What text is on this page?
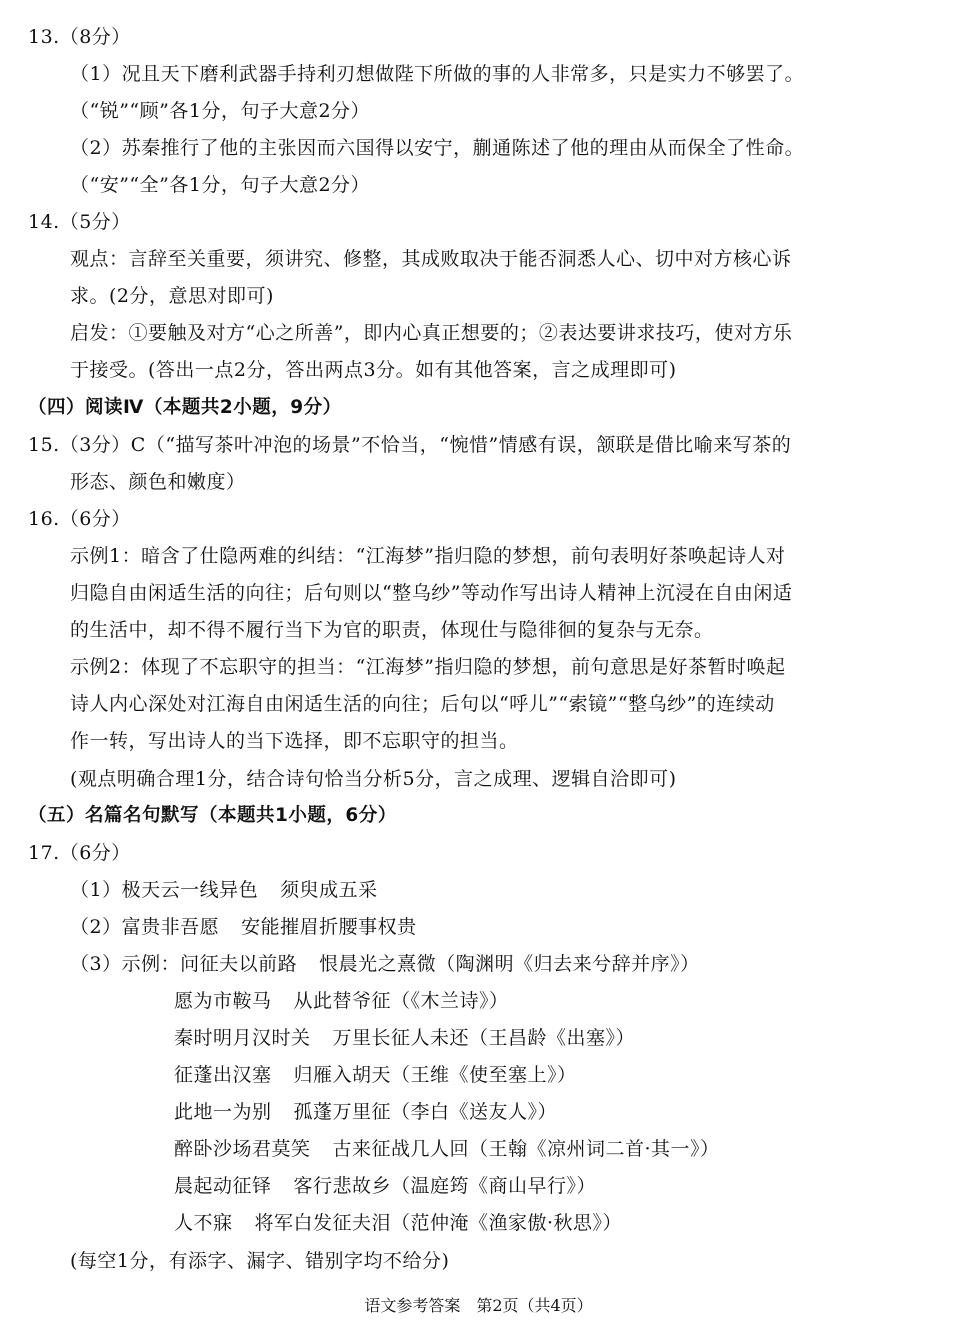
13.（8分）
（1）况且天下磨利武器手持利刃想做陛下所做的事的人非常多，只是实力不够罢了。
（“锐”“顾”各1分，句子大意2分）
（2）苏秦推行了他的主张因而六国得以安宁，蒯通陈述了他的理由从而保全了性命。
（“安”“全”各1分，句子大意2分）
14.（5分）
观点：言辞至关重要，须讲究、修整，其成败取决于能否洞悉人心、切中对方核心诉
求。(2分，意思对即可)
启发：①要触及对方“心之所善”，即内心真正想要的；②表达要讲求技巧，使对方乐
于接受。(答出一点2分，答出两点3分。如有其他答案，言之成理即可)
（四）阅读Ⅳ（本题共2小题，9分）
15.（3分）C（“描写茶叶冲泡的场景”不恰当，“惋惜”情感有误，颔联是借比喻来写茶的
形态、颜色和嫩度）
16.（6分）
示例1：暗含了仕隐两难的纠结：“江海梦”指归隐的梦想，前句表明好茶唤起诗人对
归隐自由闲适生活的向往；后句则以“整乌纱”等动作写出诗人精神上沉浸在自由闲适
的生活中，却不得不履行当下为官的职责，体现仕与隐徘徊的复杂与无奈。
示例2：体现了不忘职守的担当：“江海梦”指归隐的梦想，前句意思是好茶暂时唤起
诗人内心深处对江海自由闲适生活的向往；后句以“呼儿”“索镜”“整乌纱”的连续动
作一转，写出诗人的当下选择，即不忘职守的担当。
(观点明确合理1分，结合诗句恰当分析5分，言之成理、逻辑自洽即可)
（五）名篇名句默写（本题共1小题，6分）
17.（6分）
（1）极天云一线异色 须臾成五采
（2）富贵非吾愿 安能摧眉折腰事权贵
（3）示例：问征夫以前路 恨晨光之熹微（陶渊明《归去来兮辞并序》）
愿为市鞍马 从此替爷征（《木兰诗》）
秦时明月汉时关 万里长征人未还（王昌龄《出塞》）
征蓬出汉塞 归雁入胡天（王维《使至塞上》）
此地一为别 孤蓬万里征（李白《送友人》）
醉卧沙场君莫笑 古来征战几人回（王翰《凉州词二首·其一》）
晨起动征铎 客行悲故乡（温庭筠《商山早行》）
人不寐 将军白发征夫泪（范仲淹《渔家傲·秋思》）
(每空1分，有添字、漏字、错别字均不给分)
语文参考答案　第2页（共4页）
